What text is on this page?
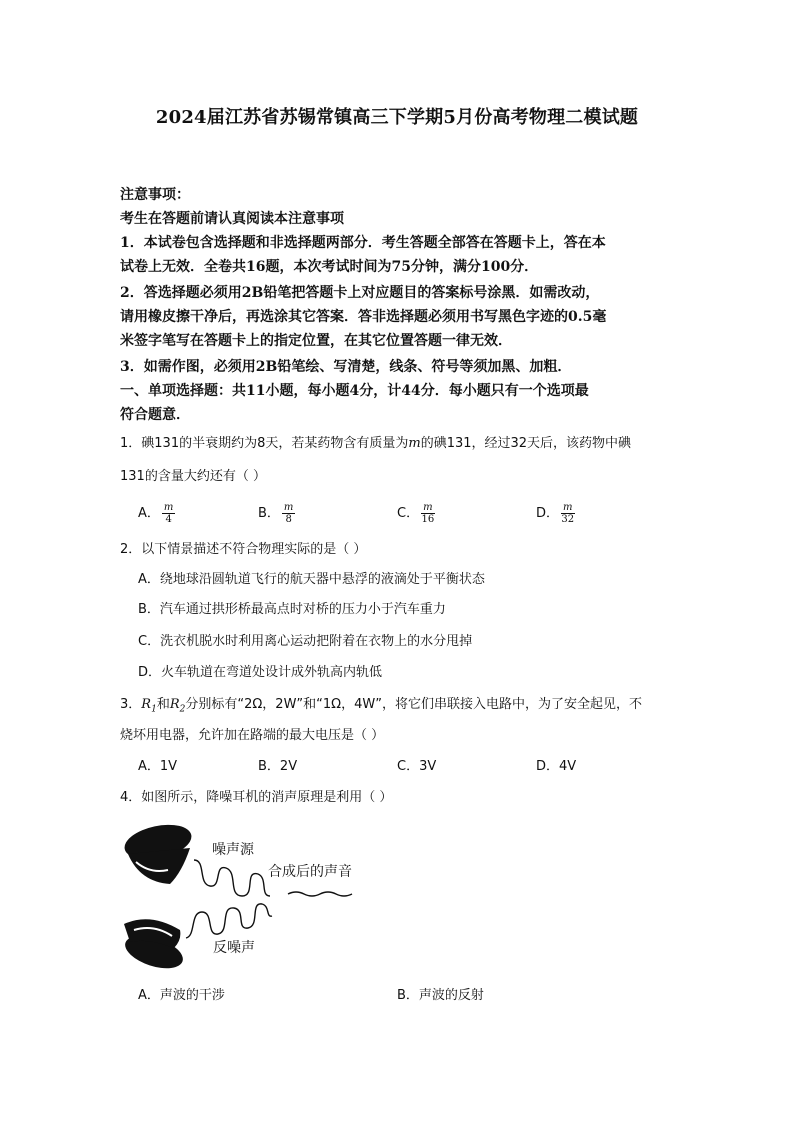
2024届江苏省苏锡常镇高三下学期5月份高考物理二模试题
注意事项：
考生在答题前请认真阅读本注意事项
1．本试卷包含选择题和非选择题两部分．考生答题全部答在答题卡上，答在本
试卷上无效．全卷共16题，本次考试时间为75分钟，满分100分．
2．答选择题必须用2B铅笔把答题卡上对应题目的答案标号涂黑．如需改动，
请用橡皮擦干净后，再选涂其它答案．答非选择题必须用书写黑色字迹的0.5毫
米签字笔写在答题卡上的指定位置，在其它位置答题一律无效．
3．如需作图，必须用2B铅笔绘、写清楚，线条、符号等须加黑、加粗．
一、单项选择题：共11小题，每小题4分，计44分．每小题只有一个选项最
符合题意．
1．碘131的半衰期约为8天，若某药物含有质量为m的碘131，经过32天后，该药物中碘
131的含量大约还有（ ）
A． $\frac{m}{4}$	B． $\frac{m}{8}$	C． $\frac{m}{16}$	D． $\frac{m}{32}$
2．以下情景描述不符合物理实际的是（ ）
A．绕地球沿圆轨道飞行的航天器中悬浮的液滴处于平衡状态
B．汽车通过拱形桥最高点时对桥的压力小于汽车重力
C．洗衣机脱水时利用离心运动把附着在衣物上的水分甩掉
D．火车轨道在弯道处设计成外轨高内轨低
3．$R_1$和$R_2$分别标有“2Ω，2W”和“1Ω，4W”，将它们串联接入电路中，为了安全起见，不
烧坏用电器，允许加在路端的最大电压是（ ）
A．1V	B．2V	C．3V	D．4V
4．如图所示，降噪耳机的消声原理是利用（ ）
噪声源
合成后的声音
反噪声
A．声波的干涉	B．声波的反射
